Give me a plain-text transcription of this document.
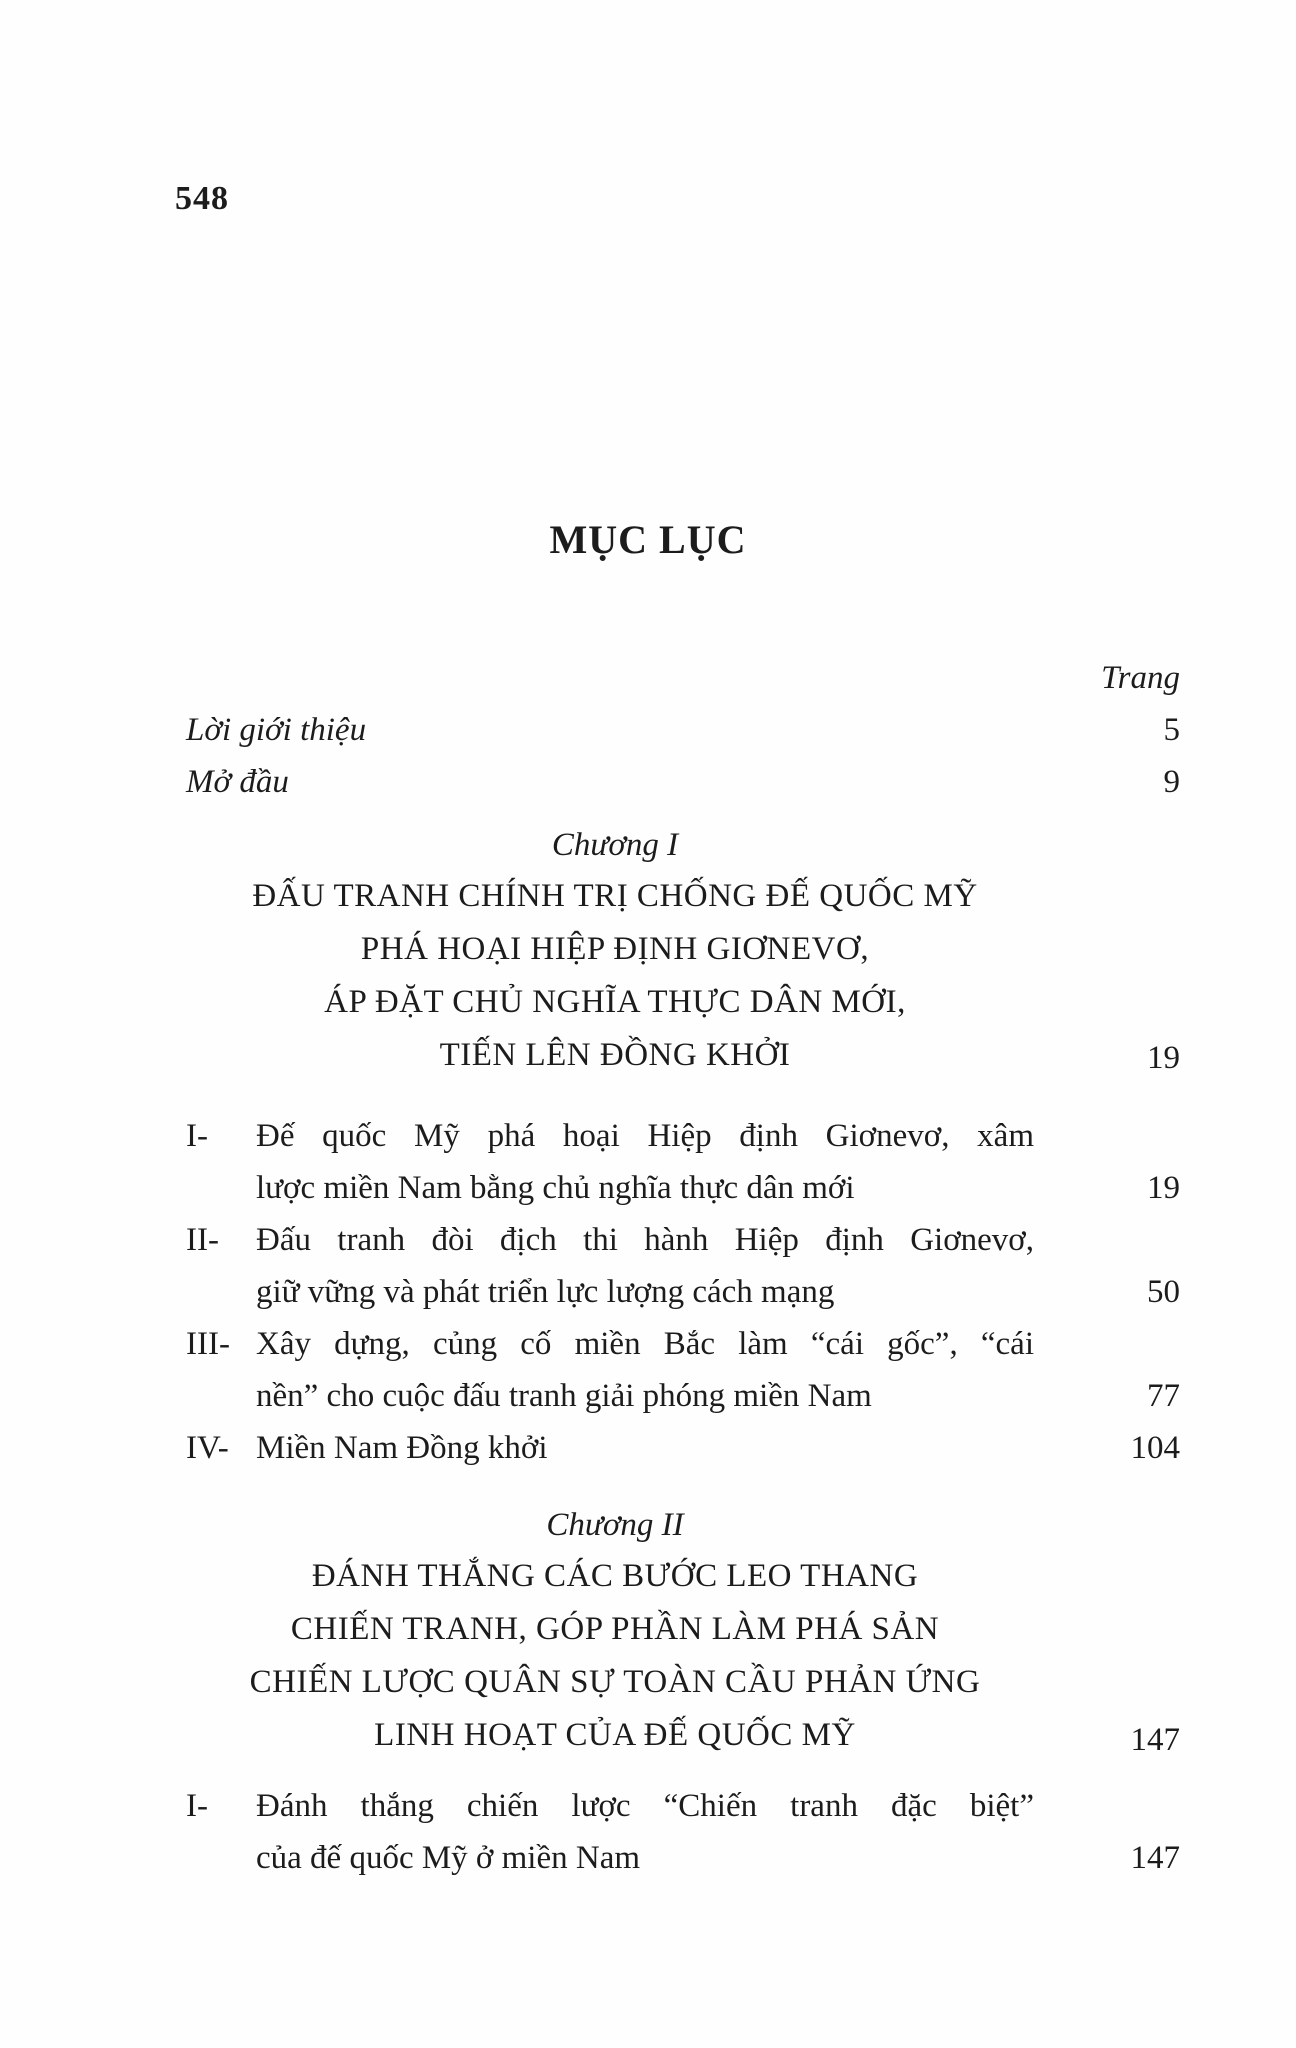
548
MỤC LỤC
Trang
Lời giới thiệu	5
Mở đầu	9
Chương I
ĐẤU TRANH CHÍNH TRỊ CHỐNG ĐẾ QUỐC MỸ
PHÁ HOẠI HIỆP ĐỊNH GIƠNEVƠ,
ÁP ĐẶT CHỦ NGHĨA THỰC DÂN MỚI,
TIẾN LÊN ĐỒNG KHỞI	19
I- Đế quốc Mỹ phá hoại Hiệp định Giơnevơ, xâm
lược miền Nam bằng chủ nghĩa thực dân mới	19
II- Đấu tranh đòi địch thi hành Hiệp định Giơnevơ,
giữ vững và phát triển lực lượng cách mạng	50
III- Xây dựng, củng cố miền Bắc làm “cái gốc”, “cái
nền” cho cuộc đấu tranh giải phóng miền Nam	77
IV- Miền Nam Đồng khởi	104
Chương II
ĐÁNH THẮNG CÁC BƯỚC LEO THANG
CHIẾN TRANH, GÓP PHẦN LÀM PHÁ SẢN
CHIẾN LƯỢC QUÂN SỰ TOÀN CẦU PHẢN ỨNG
LINH HOẠT CỦA ĐẾ QUỐC MỸ	147
I- Đánh thắng chiến lược “Chiến tranh đặc biệt”
của đế quốc Mỹ ở miền Nam	147
